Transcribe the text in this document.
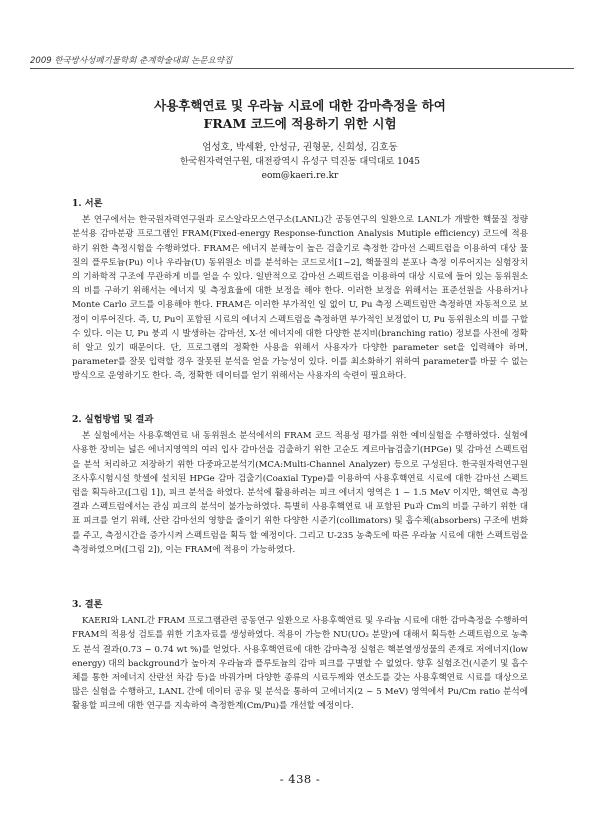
2009 한국방사성폐기물학회 춘계학술대회 논문요약집
사용후핵연료 및 우라늄 시료에 대한 감마측정을 하여
FRAM 코드에 적용하기 위한 시험
엄성호, 박세환, 안성규, 권형문, 신희성, 김호동
한국원자력연구원, 대전광역시 유성구 덕진동 대덕대로 1045
eom@kaeri.re.kr
1. 서론

본 연구에서는 한국원자력연구원과 로스알라모스연구소(LANL)간 공동연구의 일환으로 LANL가 개발한 핵물질 정량분석용 감마분광 프로그램인 FRAM(Fixed-energy Response-function Analysis Mutiple efficiency) 코드에 적용하기 위한 측정시험을 수행하였다. FRAM은 에너지 분해능이 높은 검출기로 측정한 감마선 스펙트럼을 이용하여 대상 물질의 플루토늄(Pu) 이나 우라늄(U) 동위원소 비를 분석하는 코드로서[1~2], 핵물질의 분포나 측정 이루어지는 실험장치의 기하학적 구조에 무관하게 비를 얻을 수 있다. 일반적으로 감마선 스펙트럼을 이용하여 대상 시료에 들어 있는 동위원소의 비를 구하기 위해서는 에너지 및 측정효율에 대한 보정을 해야 한다. 이러한 보정을 위해서는 표준선원을 사용하거나 Monte Carlo 코드를 이용해야 한다. FRAM은 이러한 부가적인 일 없이 U, Pu 측정 스펙트럼만 측정하면 자동적으로 보정이 이루어진다. 즉, U, Pu이 포함된 시료의 에너지 스펙트럼을 측정하면 부가적인 보정없이 U, Pu 동위원소의 비를 구할 수 있다. 이는 U, Pu 붕괴 시 발생하는 감마선, X-선 에너지에 대한 다양한 분지비(branching ratio) 정보를 사전에 정확히 알고 있기 때문이다. 단, 프로그램의 정확한 사용을 위해서 사용자가 다양한 parameter set을 입력해야 하며, parameter를 잘못 입력할 경우 잘못된 분석을 얻을 가능성이 있다. 이를 최소화하기 위하여 parameter를 바꿀 수 없는 방식으로 운영하기도 한다. 즉, 정확한 데이터를 얻기 위해서는 사용자의 숙련이 필요하다.

2. 실험방법 및 결과

본 실험에서는 사용후핵연료 내 동위원소 분석에서의 FRAM 코드 적용성 평가를 위한 예비실험을 수행하였다. 실험에 사용한 장비는 넓은 에너지영역의 여러 입사 감마선을 검출하기 위한 고순도 게르마늄검출기(HPGe) 및 감마선 스펙트럼을 분석 처리하고 저장하기 위한 다중파고분석기(MCA:Multi-Channel Analyzer) 등으로 구성된다. 한국원자력연구원 조사후시험시설 핫셀에 설치된 HPGe 감마 검출기(Coaxial Type)를 이용하여 사용후핵연료 시료에 대한 감마선 스펙트럼을 획득하고([그림 1]), 피크 분석을 하였다. 분석에 활용하려는 피크 에너지 영역은 1 ~ 1.5 MeV 이지만, 핵연료 측정 결과 스펙트럼에서는 관심 피크의 분석이 불가능하였다. 특별히 사용후핵연료 내 포함된 Pu과 Cm의 비를 구하기 위한 대표 피크를 얻기 위해, 산란 감마선의 영향을 줄이기 위한 다양한 시준기(collimators) 및 흡수체(absorbers) 구조에 변화를 주고, 측정시간을 증가시켜 스펙트럼을 획득 할 예정이다. 그리고 U-235 농축도에 따른 우라늄 시료에 대한 스펙트럼을 측정하였으며([그림 2]), 이는 FRAM에 적용이 가능하였다.

3. 결론

KAERI와 LANL간 FRAM 프로그램관련 공동연구 일환으로 사용후핵연료 및 우라늄 시료에 대한 감마측정을 수행하여 FRAM의 적용성 검토를 위한 기초자료를 생성하였다. 적용이 가능한 NU(UO₂ 분말)에 대해서 획득한 스펙트럼으로 농축도 분석 결과(0.73 ~ 0.74 wt %)를 얻었다. 사용후핵연료에 대한 감마측정 실험은 핵분열생성물의 존재로 저에너지(low energy) 대의 background가 높아져 우라늄과 플루토늄의 감마 피크를 구별할 수 없었다. 향후 실험조건(시준기 및 흡수체를 통한 저에너지 산란선 차감 등)을 바꿔가며 다양한 종류의 시료두께와 연소도를 갖는 사용후핵연료 시료를 대상으로 많은 실험을 수행하고, LANL 간에 데이터 공유 및 분석을 통하여 고에너지(2 ~ 5 MeV) 영역에서 Pu/Cm ratio 분석에 활용할 피크에 대한 연구를 지속하여 측정한계(Cm/Pu)를 개선할 예정이다.

- 438 -
